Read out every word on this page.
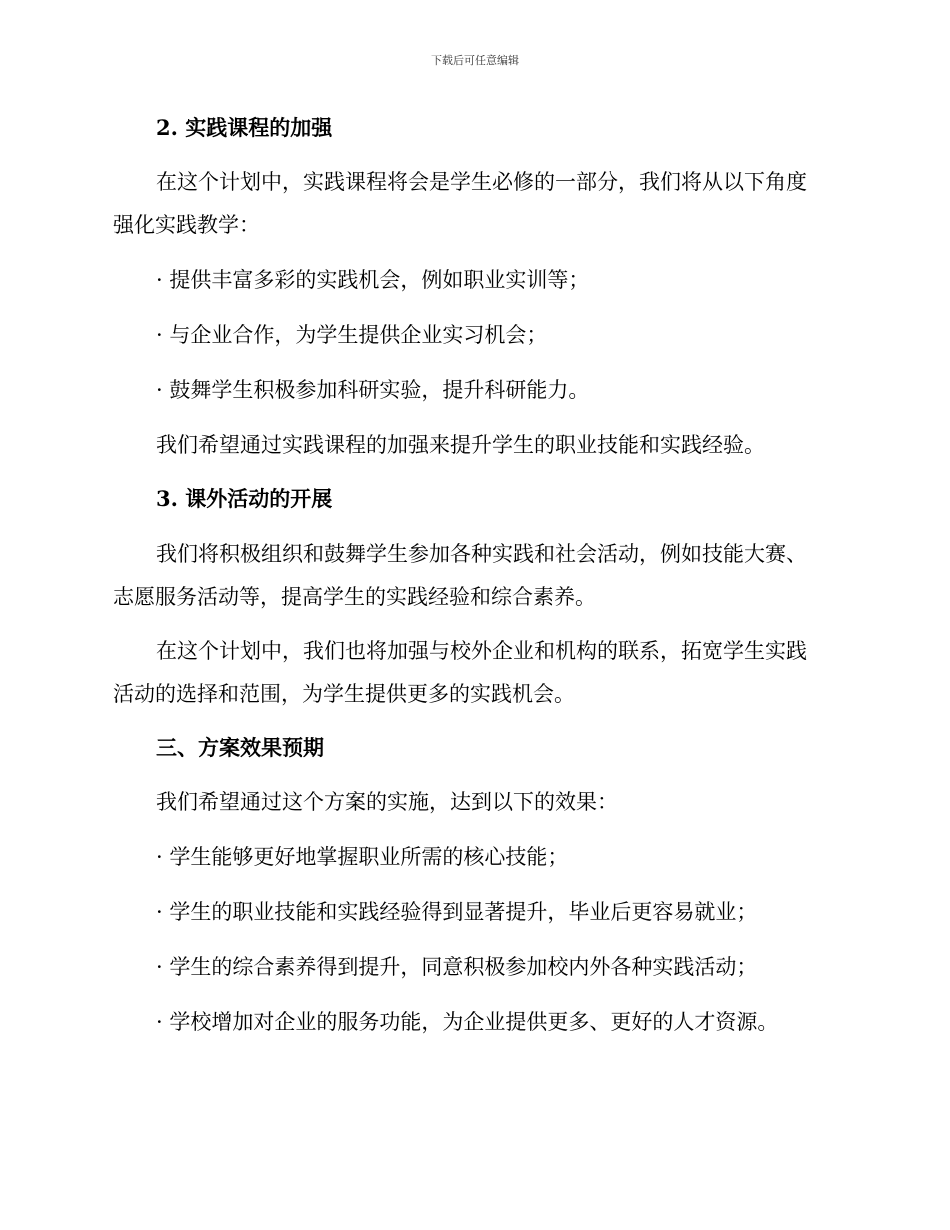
下载后可任意编辑
2. 实践课程的加强
在这个计划中，实践课程将会是学生必修的一部分，我们将从以下角度
强化实践教学：
· 提供丰富多彩的实践机会，例如职业实训等；
· 与企业合作，为学生提供企业实习机会；
· 鼓舞学生积极参加科研实验，提升科研能力。
我们希望通过实践课程的加强来提升学生的职业技能和实践经验。
3. 课外活动的开展
我们将积极组织和鼓舞学生参加各种实践和社会活动，例如技能大赛、
志愿服务活动等，提高学生的实践经验和综合素养。
在这个计划中，我们也将加强与校外企业和机构的联系，拓宽学生实践
活动的选择和范围，为学生提供更多的实践机会。
三、方案效果预期
我们希望通过这个方案的实施，达到以下的效果：
· 学生能够更好地掌握职业所需的核心技能；
· 学生的职业技能和实践经验得到显著提升，毕业后更容易就业；
· 学生的综合素养得到提升，同意积极参加校内外各种实践活动；
· 学校增加对企业的服务功能，为企业提供更多、更好的人才资源。
